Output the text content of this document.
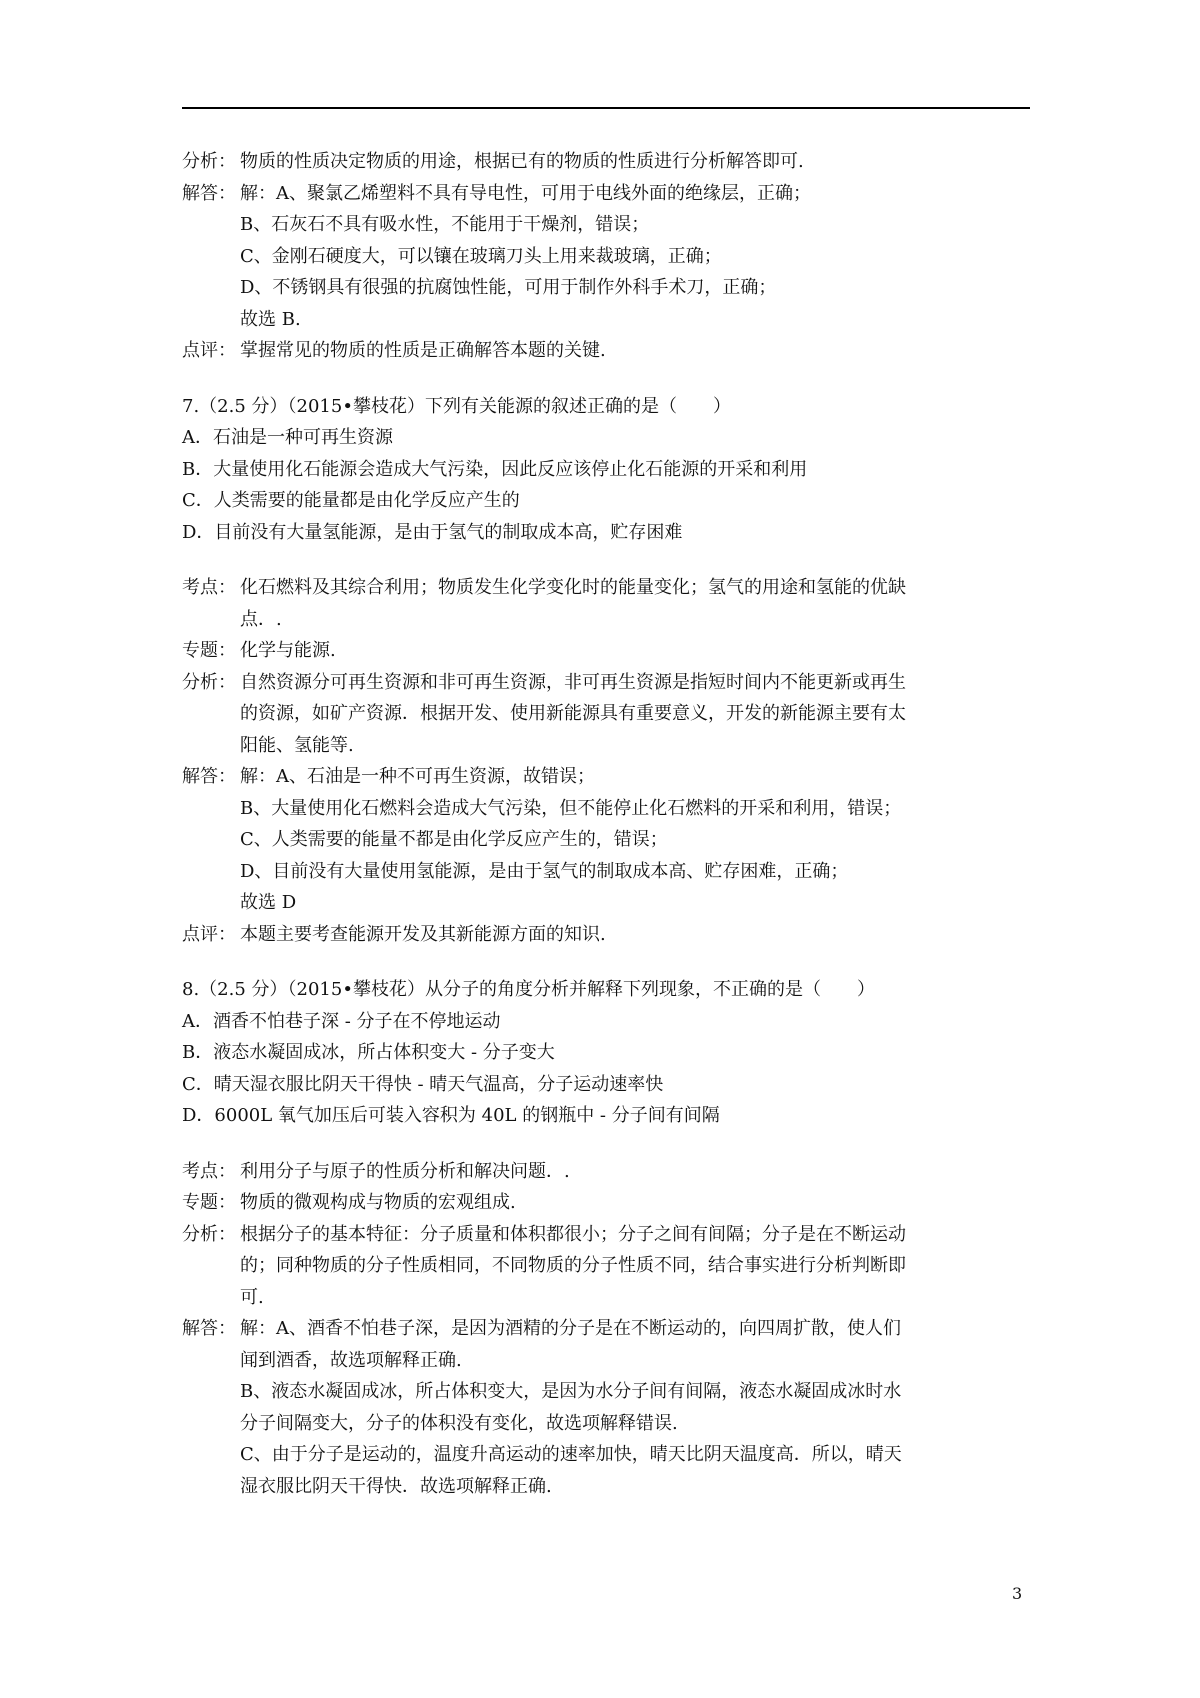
分析： 物质的性质决定物质的用途，根据已有的物质的性质进行分析解答即可.
解答： 解：A、聚氯乙烯塑料不具有导电性，可用于电线外面的绝缘层，正确；
B、石灰石不具有吸水性，不能用于干燥剂，错误；
C、金刚石硬度大，可以镶在玻璃刀头上用来裁玻璃，正确；
D、不锈钢具有很强的抗腐蚀性能，可用于制作外科手术刀，正确；
故选 B.
点评： 掌握常见的物质的性质是正确解答本题的关键.
7.（2.5 分）（2015•攀枝花）下列有关能源的叙述正确的是（　　）
A．石油是一种可再生资源
B．大量使用化石能源会造成大气污染，因此反应该停止化石能源的开采和利用
C．人类需要的能量都是由化学反应产生的
D．目前没有大量氢能源，是由于氢气的制取成本高，贮存困难
考点： 化石燃料及其综合利用；物质发生化学变化时的能量变化；氢气的用途和氢能的优缺
点．.
专题： 化学与能源.
分析： 自然资源分可再生资源和非可再生资源，非可再生资源是指短时间内不能更新或再生
的资源，如矿产资源．根据开发、使用新能源具有重要意义，开发的新能源主要有太
阳能、氢能等.
解答： 解：A、石油是一种不可再生资源，故错误；
B、大量使用化石燃料会造成大气污染，但不能停止化石燃料的开采和利用，错误；
C、人类需要的能量不都是由化学反应产生的，错误；
D、目前没有大量使用氢能源，是由于氢气的制取成本高、贮存困难，正确；
故选 D
点评： 本题主要考查能源开发及其新能源方面的知识.
8.（2.5 分）（2015•攀枝花）从分子的角度分析并解释下列现象，不正确的是（　　）
A．酒香不怕巷子深 - 分子在不停地运动
B．液态水凝固成冰，所占体积变大 - 分子变大
C．晴天湿衣服比阴天干得快 - 晴天气温高，分子运动速率快
D．6000L 氧气加压后可装入容积为 40L 的钢瓶中 - 分子间有间隔
考点： 利用分子与原子的性质分析和解决问题．.
专题： 物质的微观构成与物质的宏观组成.
分析： 根据分子的基本特征：分子质量和体积都很小；分子之间有间隔；分子是在不断运动
的；同种物质的分子性质相同，不同物质的分子性质不同，结合事实进行分析判断即
可.
解答： 解：A、酒香不怕巷子深，是因为酒精的分子是在不断运动的，向四周扩散，使人们
闻到酒香，故选项解释正确.
B、液态水凝固成冰，所占体积变大，是因为水分子间有间隔，液态水凝固成冰时水
分子间隔变大，分子的体积没有变化，故选项解释错误.
C、由于分子是运动的，温度升高运动的速率加快，晴天比阴天温度高．所以，晴天
湿衣服比阴天干得快．故选项解释正确.
3
